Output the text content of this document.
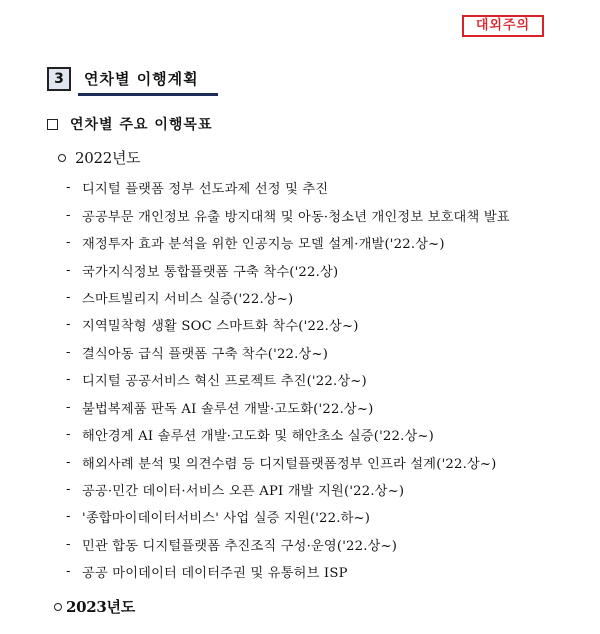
대외주의
3	연차별 이행계획
연차별 주요 이행목표
2022년도
- 디지털 플랫폼 정부 선도과제 선정 및 추진
- 공공부문 개인정보 유출 방지대책 및 아동·청소년 개인정보 보호대책 발표
- 재정투자 효과 분석을 위한 인공지능 모델 설계·개발('22.상~)
- 국가지식정보 통합플랫폼 구축 착수('22.상)
- 스마트빌리지 서비스 실증('22.상~)
- 지역밀착형 생활 SOC 스마트화 착수('22.상~)
- 결식아동 급식 플랫폼 구축 착수('22.상~)
- 디지털 공공서비스 혁신 프로젝트 추진('22.상~)
- 불법복제품 판독 AI 솔루션 개발·고도화('22.상~)
- 해안경계 AI 솔루션 개발·고도화 및 해안초소 실증('22.상~)
- 해외사례 분석 및 의견수렴 등 디지털플랫폼정부 인프라 설계('22.상~)
- 공공·민간 데이터·서비스 오픈 API 개발 지원('22.상~)
- '종합마이데이터서비스' 사업 실증 지원('22.하~)
- 민관 합동 디지털플랫폼 추진조직 구성·운영('22.상~)
- 공공 마이데이터 데이터주권 및 유통허브 ISP
2023년도
